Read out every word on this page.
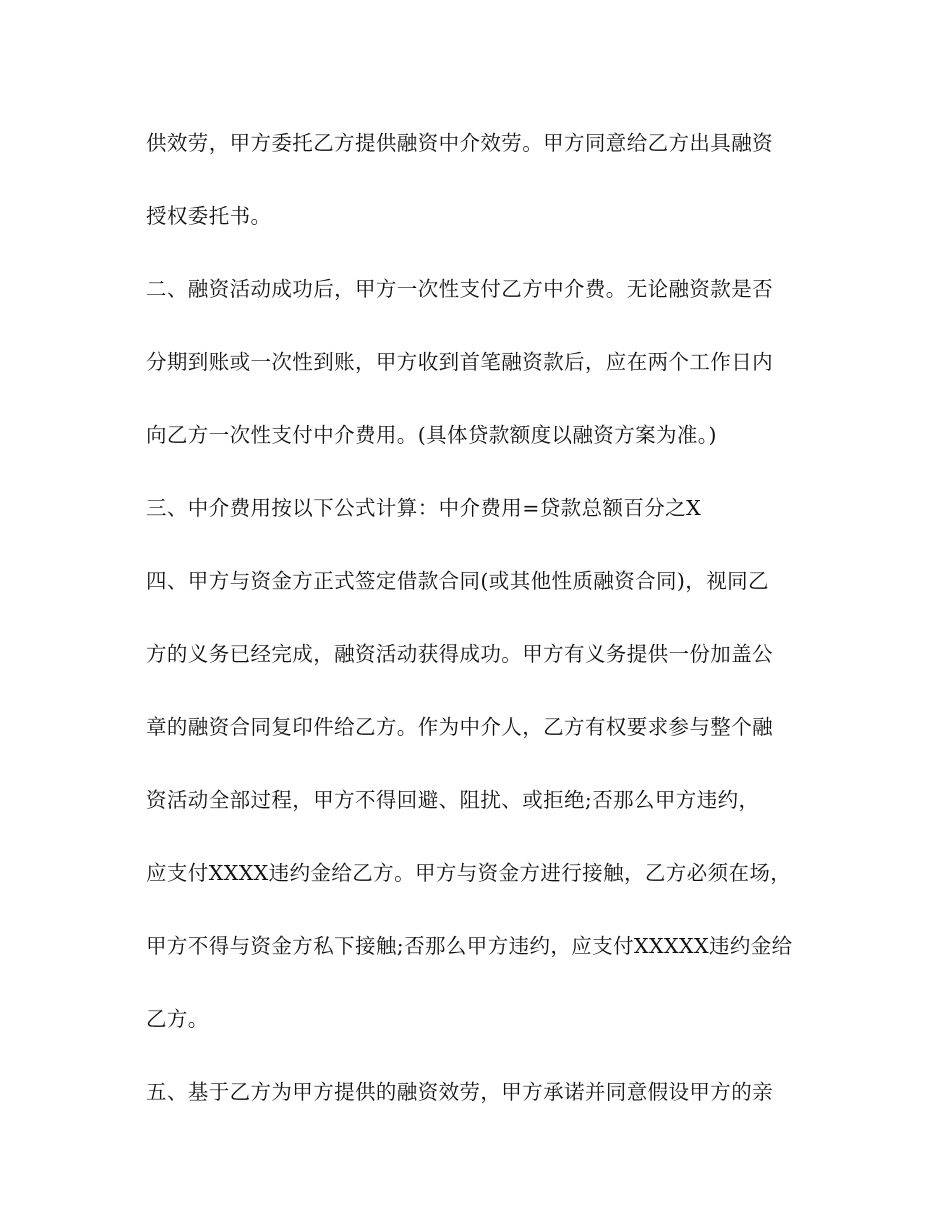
供效劳，甲方委托乙方提供融资中介效劳。甲方同意给乙方出具融资
授权委托书。
二、融资活动成功后，甲方一次性支付乙方中介费。无论融资款是否
分期到账或一次性到账，甲方收到首笔融资款后，应在两个工作日内
向乙方一次性支付中介费用。(具体贷款额度以融资方案为准。)
三、中介费用按以下公式计算：中介费用=贷款总额百分之X
四、甲方与资金方正式签定借款合同(或其他性质融资合同)，视同乙
方的义务已经完成，融资活动获得成功。甲方有义务提供一份加盖公
章的融资合同复印件给乙方。作为中介人，乙方有权要求参与整个融
资活动全部过程，甲方不得回避、阻扰、或拒绝;否那么甲方违约，
应支付XXXX违约金给乙方。甲方与资金方进行接触，乙方必须在场，
甲方不得与资金方私下接触;否那么甲方违约，应支付XXXXX违约金给
乙方。
五、基于乙方为甲方提供的融资效劳，甲方承诺并同意假设甲方的亲
